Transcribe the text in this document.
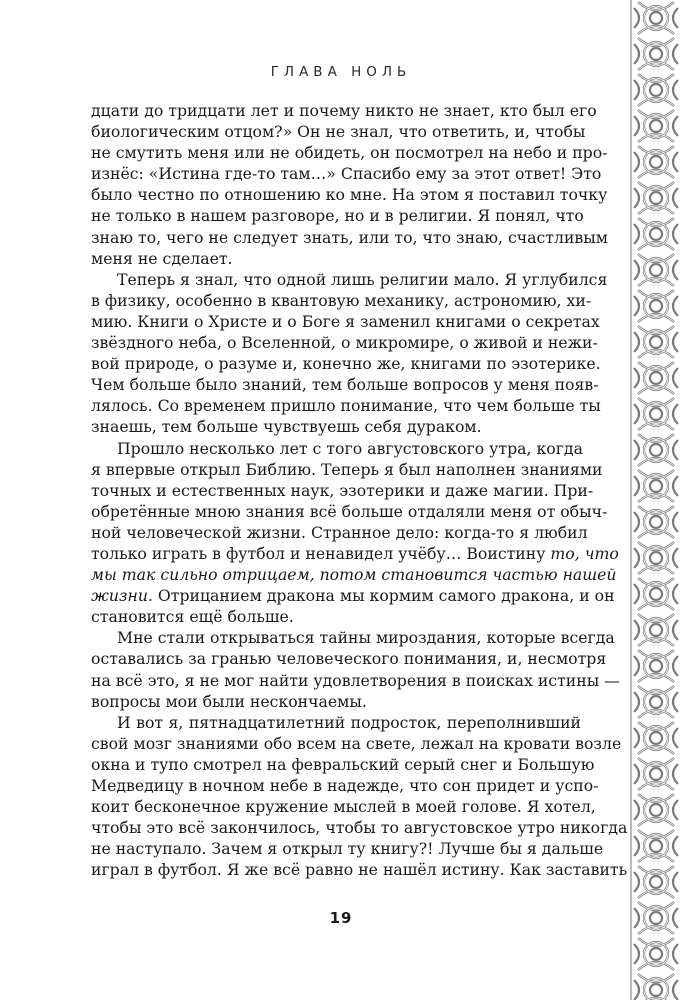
ГЛАВА НОЛЬ

дцати до тридцати лет и почему никто не знает, кто был его
биологическим отцом?» Он не знал, что ответить, и, чтобы
не смутить меня или не обидеть, он посмотрел на небо и про-
изнёс: «Истина где-то там…» Спасибо ему за этот ответ! Это
было честно по отношению ко мне. На этом я поставил точку
не только в нашем разговоре, но и в религии. Я понял, что
знаю то, чего не следует знать, или то, что знаю, счастливым
меня не сделает.

Теперь я знал, что одной лишь религии мало. Я углубился
в физику, особенно в квантовую механику, астрономию, хи-
мию. Книги о Христе и о Боге я заменил книгами о секретах
звёздного неба, о Вселенной, о микромире, о живой и нежи-
вой природе, о разуме и, конечно же, книгами по эзотерике.
Чем больше было знаний, тем больше вопросов у меня появ-
лялось. Со временем пришло понимание, что чем больше ты
знаешь, тем больше чувствуешь себя дураком.

Прошло несколько лет с того августовского утра, когда
я впервые открыл Библию. Теперь я был наполнен знаниями
точных и естественных наук, эзотерики и даже магии. При-
обретённые мною знания всё больше отдаляли меня от обыч-
ной человеческой жизни. Странное дело: когда-то я любил
только играть в футбол и ненавидел учёбу… Воистину то, что
мы так сильно отрицаем, потом становится частью нашей
жизни. Отрицанием дракона мы кормим самого дракона, и он
становится ещё больше.

Мне стали открываться тайны мироздания, которые всегда
оставались за гранью человеческого понимания, и, несмотря
на всё это, я не мог найти удовлетворения в поисках истины —
вопросы мои были нескончаемы.

И вот я, пятнадцатилетний подросток, переполнивший
свой мозг знаниями обо всем на свете, лежал на кровати возле
окна и тупо смотрел на февральский серый снег и Большую
Медведицу в ночном небе в надежде, что сон придет и успо-
коит бесконечное кружение мыслей в моей голове. Я хотел,
чтобы это всё закончилось, чтобы то августовское утро никогда
не наступало. Зачем я открыл ту книгу?! Лучше бы я дальше
играл в футбол. Я же всё равно не нашёл истину. Как заставить

19
